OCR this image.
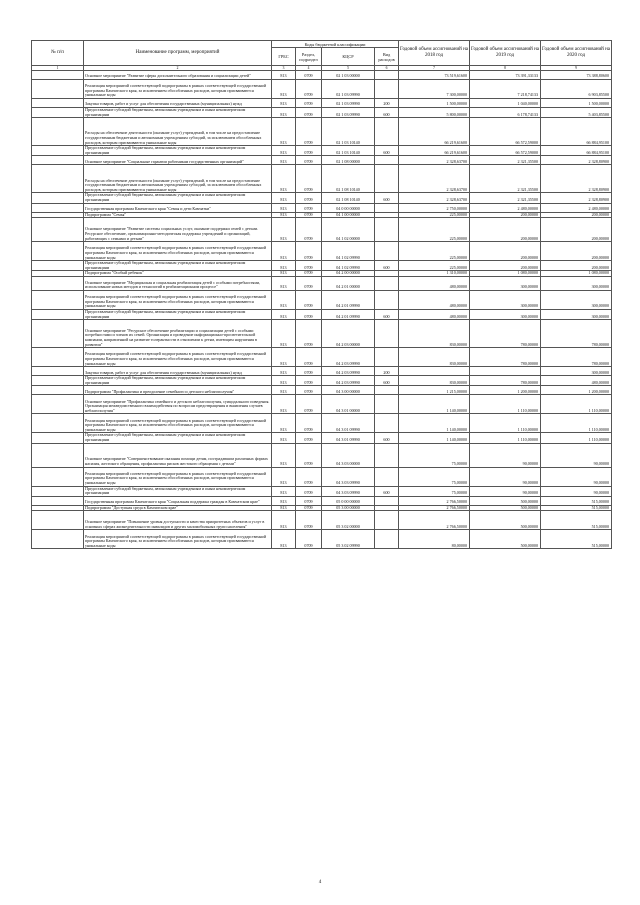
№ п/п	Наименование программ, мероприятий	Коды бюджетной классификации				Годовой объем ассигнований на 2018 год	Годовой объем ассигнований на 2019 год	Годовой объем ассигнований на 2020 год
		ГРБС	Раздел, подраздел	КЦСР	Вид расходов			
1	2	3	4	5	6	7	8	9
	Основное мероприятие "Развитие сферы дополнительного образования и социализации детей"	813	0709	02 1 03 00000		73 519,61600	73 391,33133	73 388,80600
	Реализация мероприятий соответствующей подпрограммы в рамках соответствующей государственной программы Камчатского края, за исключением обособленных расходов, которым присваиваются уникальные коды	813	0709	02 1 03 09990		7 300,00000	7 218,74133	6 903,85500
	Закупка товаров, работ и услуг для обеспечения государственных (муниципальных) нужд	813	0709	02 1 03 09990	200	1 500,00000	1 040,00000	1 500,00000
	Предоставление субсидий бюджетным, автономным учреждениям и иным некоммерческим организациям	813	0709	02 1 03 09990	600	5 800,00000	6 178,74133	5 403,85500
	Расходы на обеспечение деятельности (оказание услуг) учреждений, в том числе на предоставление государственным бюджетным и автономным учреждениям субсидий, за исключением обособленных расходов, которым присваиваются уникальные коды	813	0709	02 1 03 10140		66 219,61600	66 572,59000	66 884,95100
	Предоставление субсидий бюджетным, автономным учреждениям и иным некоммерческим организациям	813	0709	02 1 03 10140	600	66 219,61600	66 572,59000	66 884,95100
	Основное мероприятие "Социальные гарантии работникам государственных организаций"	813	0709	02 1 08 00000		2 328,63700	2 321,35500	2 328,80900
	Расходы на обеспечение деятельности (оказание услуг) учреждений, в том числе на предоставление государственным бюджетным и автономным учреждениям субсидий, за исключением обособленных расходов, которым присваиваются уникальные коды	813	0709	02 1 08 10140		2 328,63700	2 321,35500	2 328,80900
	Предоставление субсидий бюджетным, автономным учреждениям и иным некоммерческим организациям	813	0709	02 1 08 10140	600	2 328,63700	2 321,35500	2 328,80900
	Государственная программа Камчатского края "Семья и дети Камчатки"	813	0709	04 0 00 00000		2 750,00000	2 480,00000	2 480,00000
	Подпрограмма "Семья"	813	0709	04 1 00 00000		225,00000	200,00000	200,00000
	Основное мероприятие "Развитие системы социальных услуг, оказание поддержки семей с детьми. Ресурсное обеспечение, организационно-методическая поддержка учреждений и организаций, работающих с семьями и детьми"	813	0709	04 1 02 00000		225,00000	200,00000	200,00000
	Реализация мероприятий соответствующей подпрограммы в рамках соответствующей государственной программы Камчатского края, за исключением обособленных расходов, которым присваиваются уникальные коды	813	0709	04 1 02 09990		225,00000	200,00000	200,00000
	Предоставление субсидий бюджетным, автономным учреждениям и иным некоммерческим организациям	813	0709	04 1 02 09990	600	225,00000	200,00000	200,00000
	Подпрограмма "Особый ребенок"	813	0709	04 2 00 00000		1 310,00000	1 080,00000	1 080,00000
	Основное мероприятие "Медицинская и социальная реабилитация детей с особыми потребностями, использование новых методов и технологий в реабилитационном процессе"	813	0709	04 2 01 00000		480,00000	300,00000	300,00000
	Реализация мероприятий соответствующей подпрограммы в рамках соответствующей государственной программы Камчатского края, за исключением обособленных расходов, которым присваиваются уникальные коды	813	0709	04 2 01 09990		480,00000	300,00000	300,00000
	Предоставление субсидий бюджетным, автономным учреждениям и иным некоммерческим организациям	813	0709	04 2 01 09990	600	480,00000	300,00000	300,00000
	Основное мероприятие "Ресурсное обеспечение реабилитации и социализации детей с особыми потребностями и членов их семей. Организация и проведение информационно-просветительской кампании, направленной на развитие толерантности в отношении к детям, имеющим нарушения в развитии"	813	0709	04 2 03 00000		830,00000	780,00000	780,00000
	Реализация мероприятий соответствующей подпрограммы в рамках соответствующей государственной программы Камчатского края, за исключением обособленных расходов, которым присваиваются уникальные коды	813	0709	04 2 03 09990		830,00000	780,00000	780,00000
	Закупка товаров, работ и услуг для обеспечения государственных (муниципальных) нужд	813	0709	04 2 03 09990	200			300,00000
	Предоставление субсидий бюджетным, автономным учреждениям и иным некоммерческим организациям	813	0709	04 2 03 09990	600	830,00000	780,00000	480,00000
	Подпрограмма "Профилактика и преодоление семейного и детского неблагополучия"	813	0709	04 3 00 00000		1 215,00000	1 200,00000	1 200,00000
	Основное мероприятие "Профилактика семейного и детского неблагополучия, суицидального поведения. Организация межведомственного взаимодействия по вопросам предотвращения и выявления случаев неблагополучия"	813	0709	04 3 01 00000		1 140,00000	1 110,00000	1 110,00000
	Реализация мероприятий соответствующей подпрограммы в рамках соответствующей государственной программы Камчатского края, за исключением обособленных расходов, которым присваиваются уникальные коды	813	0709	04 3 01 09990		1 140,00000	1 110,00000	1 110,00000
	Предоставление субсидий бюджетным, автономным учреждениям и иным некоммерческим организациям	813	0709	04 3 01 09990	600	1 140,00000	1 110,00000	1 110,00000
	Основное мероприятие "Совершенствование оказания помощи детям, пострадавшим различных формах насилия, жестокого обращения, профилактика рисков жестокого обращения с детьми"	813	0709	04 3 03 00000		75,00000	90,00000	90,00000
	Реализация мероприятий соответствующей подпрограммы в рамках соответствующей государственной программы Камчатского края, за исключением обособленных расходов, которым присваиваются уникальные коды	813	0709	04 3 03 09990		75,00000	90,00000	90,00000
	Предоставление субсидий бюджетным, автономным учреждениям и иным некоммерческим организациям	813	0709	04 3 03 09990	600	75,00000	90,00000	90,00000
	Государственная программа Камчатского края "Социальная поддержка граждан в Камчатском крае"	813	0709	05 0 00 00000		2 766,50000	500,00000	515,00000
	Подпрограмма "Доступная среда в Камчатском крае"	813	0709	05 3 00 00000		2 766,50000	500,00000	515,00000
	Основное мероприятие "Повышение уровня доступности и качества приоритетных объектов и услуг в основных сферах жизнедеятельности инвалидов и других маломобильных групп населения"	813	0709	05 3 02 00000		2 766,50000	500,00000	515,00000
	Реализация мероприятий соответствующей подпрограммы в рамках соответствующей государственной программы Камчатского края, за исключением обособленных расходов, которым присваиваются уникальные коды	813	0709	05 3 02 09990		80,00000	500,00000	515,00000
4
